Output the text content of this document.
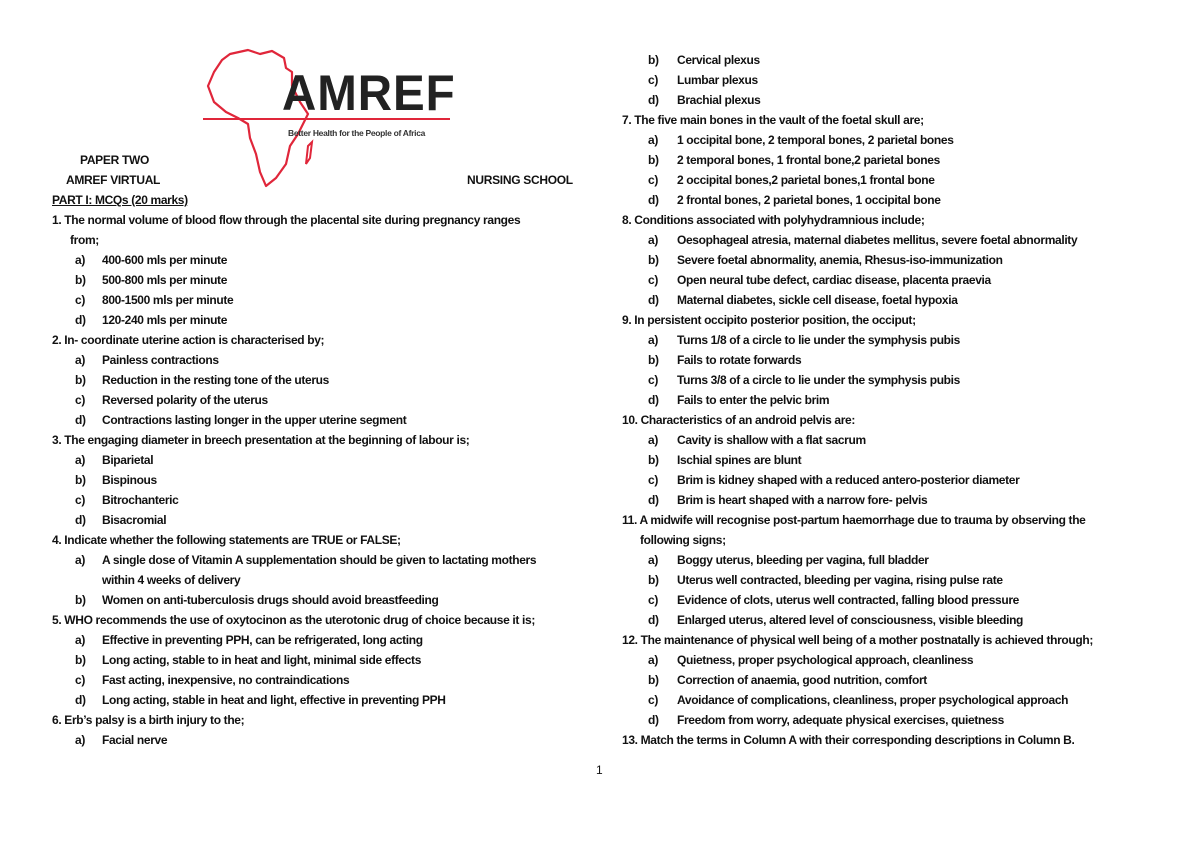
AMREF
Better Health for the People of Africa
PAPER TWO
AMREF VIRTUAL	NURSING SCHOOL
PART I: MCQs (20 marks)
1. The normal volume of blood flow through the placental site during pregnancy ranges
from;
a) 400-600 mls per minute
b) 500-800 mls per minute
c) 800-1500 mls per minute
d) 120-240 mls per minute
2. In- coordinate uterine action is characterised by;
a) Painless contractions
b) Reduction in the resting tone of the uterus
c) Reversed polarity of the uterus
d) Contractions lasting longer in the upper uterine segment
3. The engaging diameter in breech presentation at the beginning of labour is;
a) Biparietal
b) Bispinous
c) Bitrochanteric
d) Bisacromial
4. Indicate whether the following statements are TRUE or FALSE;
a) A single dose of Vitamin A supplementation should be given to lactating mothers
within 4 weeks of delivery
b) Women on anti-tuberculosis drugs should avoid breastfeeding
5. WHO recommends the use of oxytocinon as the uterotonic drug of choice because it is;
a) Effective in preventing PPH, can be refrigerated, long acting
b) Long acting, stable to in heat and light, minimal side effects
c) Fast acting, inexpensive, no contraindications
d) Long acting, stable in heat and light, effective in preventing PPH
6. Erb’s palsy is a birth injury to the;
a) Facial nerve
b) Cervical plexus
c) Lumbar plexus
d) Brachial plexus
7. The five main bones in the vault of the foetal skull are;
a) 1 occipital bone, 2 temporal bones, 2 parietal bones
b) 2 temporal bones, 1 frontal bone,2 parietal bones
c) 2 occipital bones,2 parietal bones,1 frontal bone
d) 2 frontal bones, 2 parietal bones, 1 occipital bone
8. Conditions associated with polyhydramnious include;
a) Oesophageal atresia, maternal diabetes mellitus, severe foetal abnormality
b) Severe foetal abnormality, anemia, Rhesus-iso-immunization
c) Open neural tube defect, cardiac disease, placenta praevia
d) Maternal diabetes, sickle cell disease, foetal hypoxia
9. In persistent occipito posterior position, the occiput;
a) Turns 1/8 of a circle to lie under the symphysis pubis
b) Fails to rotate forwards
c) Turns 3/8 of a circle to lie under the symphysis pubis
d) Fails to enter the pelvic brim
10. Characteristics of an android pelvis are:
a) Cavity is shallow with a flat sacrum
b) Ischial spines are blunt
c) Brim is kidney shaped with a reduced antero-posterior diameter
d) Brim is heart shaped with a narrow fore- pelvis
11. A midwife will recognise post-partum haemorrhage due to trauma by observing the
following signs;
a) Boggy uterus, bleeding per vagina, full bladder
b) Uterus well contracted, bleeding per vagina, rising pulse rate
c) Evidence of clots, uterus well contracted, falling blood pressure
d) Enlarged uterus, altered level of consciousness, visible bleeding
12. The maintenance of physical well being of a mother postnatally is achieved through;
a) Quietness, proper psychological approach, cleanliness
b) Correction of anaemia, good nutrition, comfort
c) Avoidance of complications, cleanliness, proper psychological approach
d) Freedom from worry, adequate physical exercises, quietness
13. Match the terms in Column A with their corresponding descriptions in Column B.
1
